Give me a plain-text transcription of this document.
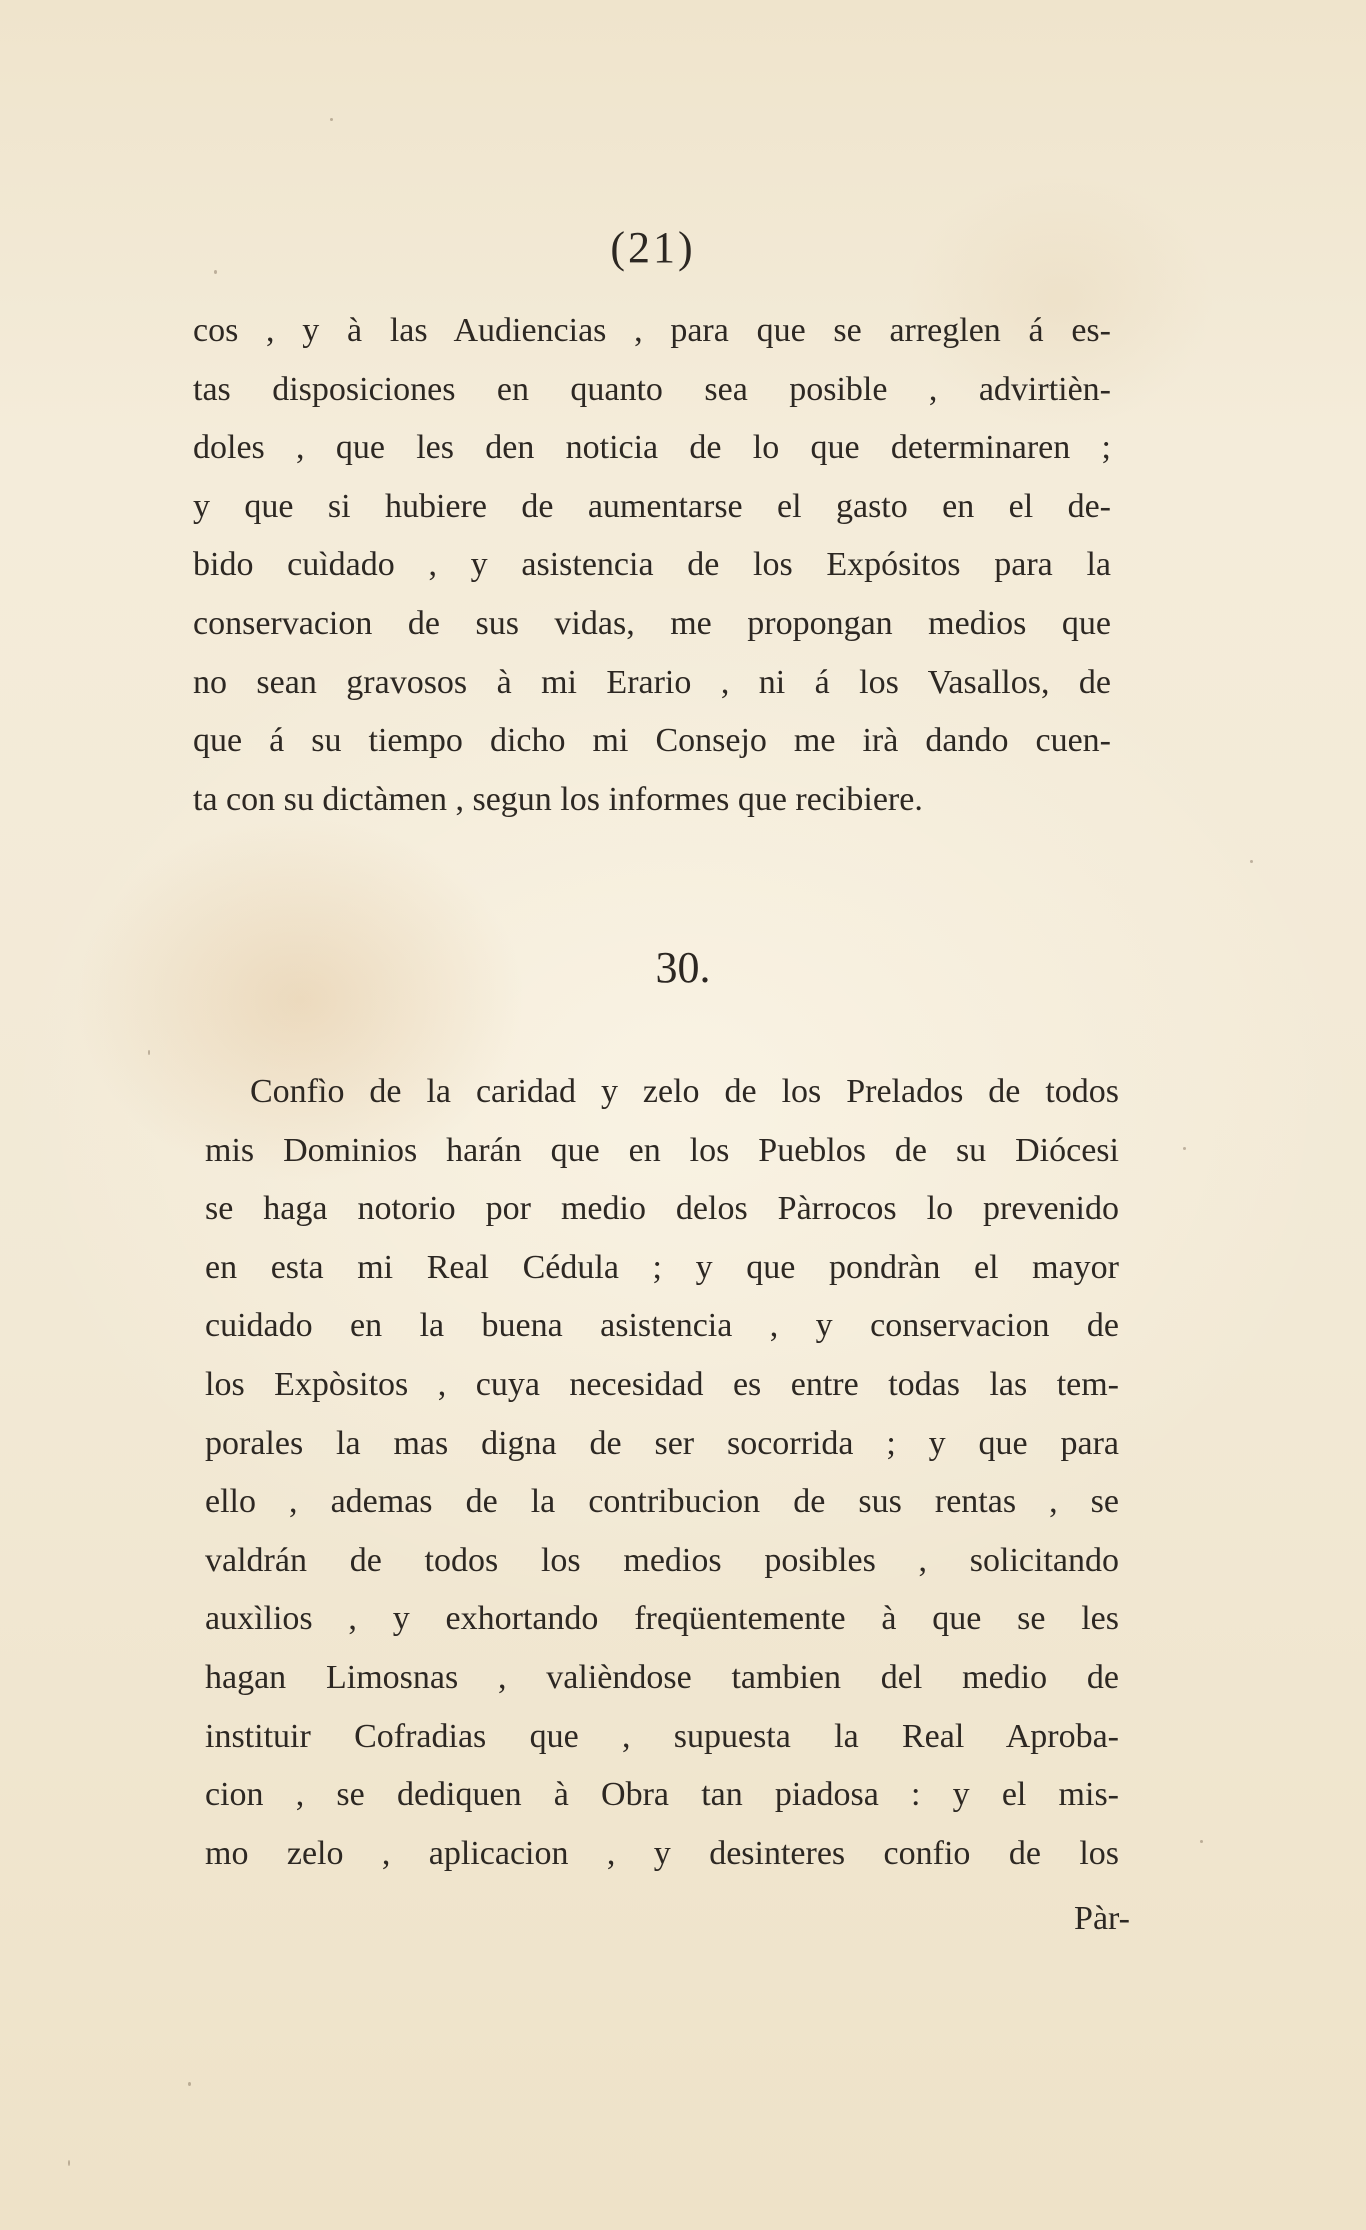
(21)
cos , y à las Audiencias , para que se arreglen á es-
tas disposiciones en quanto sea posible , advirtièn-
doles , que les den noticia de lo que determinaren ;
y que si hubiere de aumentarse el gasto en el de-
bido cuìdado , y asistencia de los Expósitos para la
conservacion de sus vidas, me propongan medios que
no sean gravosos à mi Erario , ni á los Vasallos, de
que á su tiempo dicho mi Consejo me irà dando cuen-
ta con su dictàmen , segun los informes que recibiere.
30.
Confìo de la caridad y zelo de los Prelados de todos
mis Dominios harán que en los Pueblos de su Diócesi
se haga notorio por medio delos Pàrrocos lo prevenido
en esta mi Real Cédula ; y que pondràn el mayor
cuidado en la buena asistencia , y conservacion de
los Expòsitos , cuya necesidad es entre todas las tem-
porales la mas digna de ser socorrida ; y que para
ello , ademas de la contribucion de sus rentas , se
valdrán de todos los medios posibles , solicitando
auxìlios , y exhortando freqüentemente à que se les
hagan Limosnas , valièndose tambien del medio de
instituir Cofradias que , supuesta la Real Aproba-
cion , se dediquen à Obra tan piadosa : y el mis-
mo zelo , aplicacion , y desinteres confio de los
Pàr-
